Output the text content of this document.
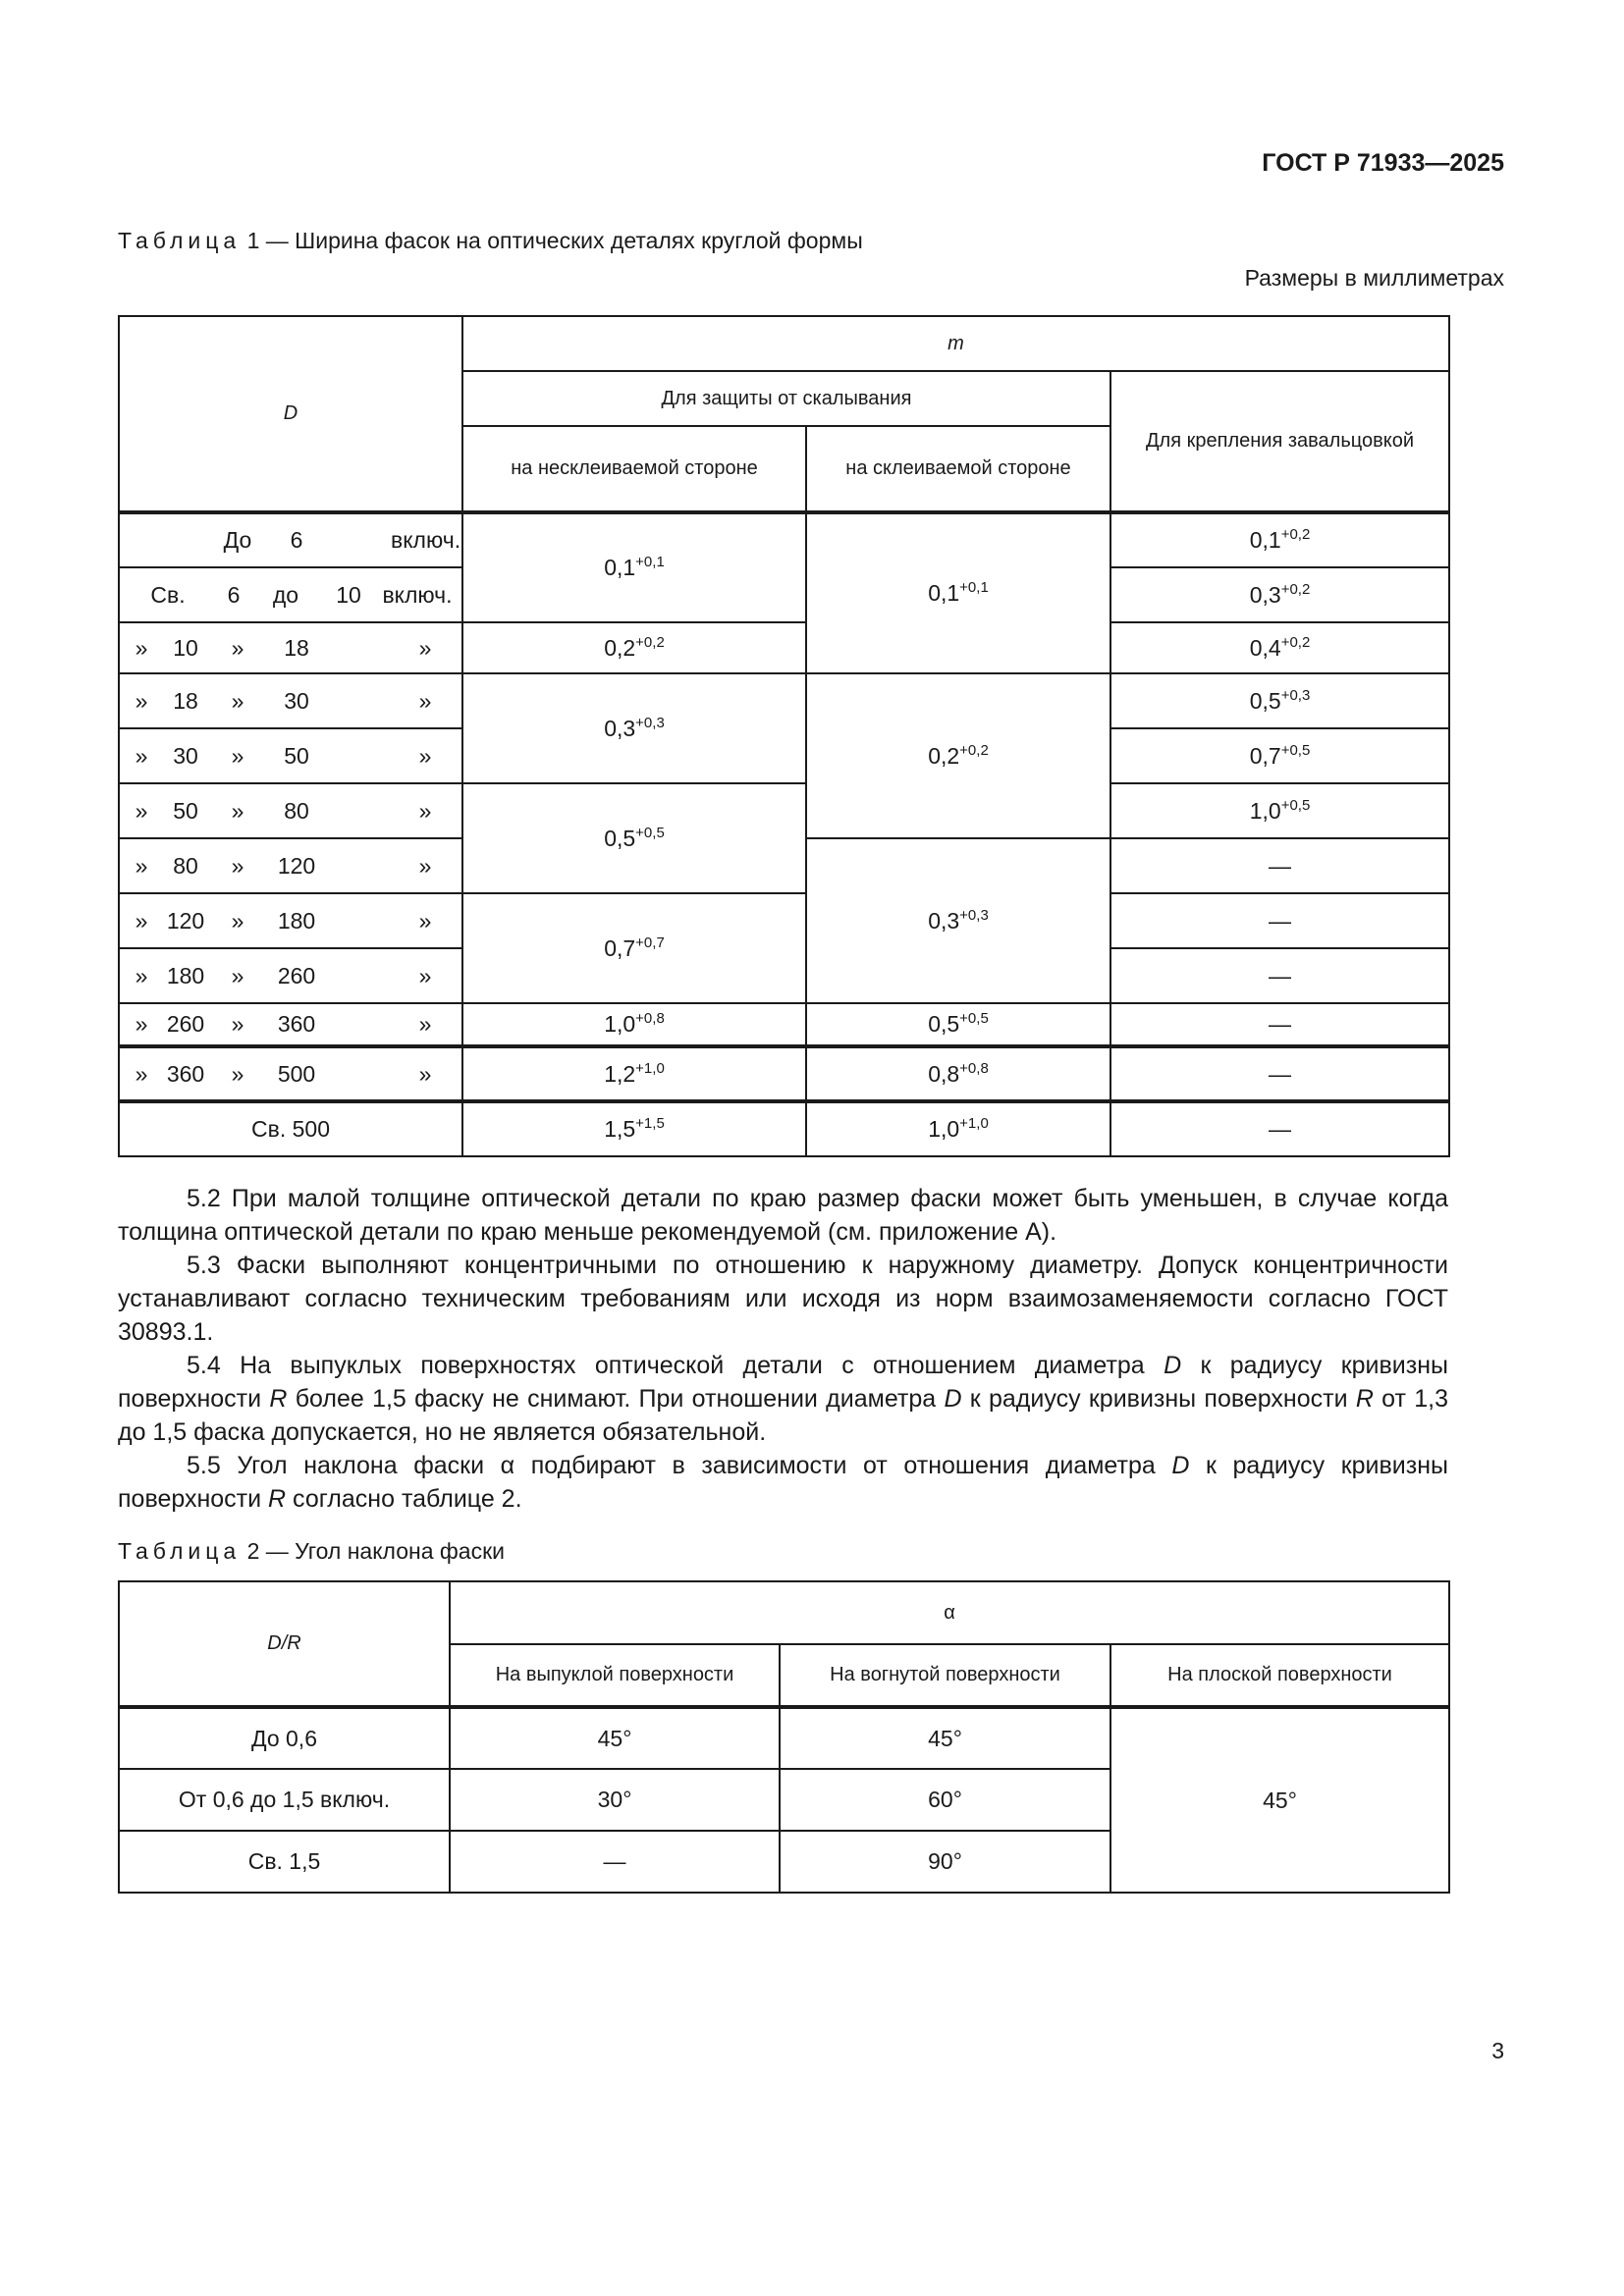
ГОСТ Р 71933—2025
Таблица 1 — Ширина фасок на оптических деталях круглой формы
Размеры в миллиметрах
D	m		
	Для защиты от скалывания		Для крепления завальцовкой
	на несклеиваемой стороне	на склеиваемой стороне	

До 6 включ.	$0,1^{+0,1}$	$0,1^{+0,1}$	$0,1^{+0,2}$

Св. 6 до 10 включ.			$0,3^{+0,2}$

» 10 » 18 »	$0,2^{+0,2}$		$0,4^{+0,2}$

» 18 » 30 »	$0,3^{+0,3}$	$0,2^{+0,2}$	$0,5^{+0,3}$

» 30 » 50 »			$0,7^{+0,5}$

» 50 » 80 »	$0,5^{+0,5}$		$1,0^{+0,5}$

» 80 » 120 »		$0,3^{+0,3}$	—

» 120 » 180 »	$0,7^{+0,7}$		—

» 180 » 260 »			—

» 260 » 360 »	$1,0^{+0,8}$	$0,5^{+0,5}$	—

» 360 » 500 »	$1,2^{+1,0}$	$0,8^{+0,8}$	—
Св. 500	$1,5^{+1,5}$	$1,0^{+1,0}$	—

5.2 При малой толщине оптической детали по краю размер фаски может быть уменьшен, в случае когда толщина оптической детали по краю меньше рекомендуемой (см. приложение А).

5.3 Фаски выполняют концентричными по отношению к наружному диаметру. Допуск концентричности устанавливают согласно техническим требованиям или исходя из норм взаимозаменяемости согласно ГОСТ 30893.1.

5.4 На выпуклых поверхностях оптической детали с отношением диаметра D к радиусу кривизны поверхности R более 1,5 фаску не снимают. При отношении диаметра D к радиусу кривизны поверхности R от 1,3 до 1,5 фаска допускается, но не является обязательной.

5.5 Угол наклона фаски α подбирают в зависимости от отношения диаметра D к радиусу кривизны поверхности R согласно таблице 2.

Таблица 2 — Угол наклона фаски
D/R	α		
	На выпуклой поверхности	На вогнутой поверхности	На плоской поверхности
До 0,6	45°	45°	45°
От 0,6 до 1,5 включ.	30°	60°	
Св. 1,5	—	90°	
3
